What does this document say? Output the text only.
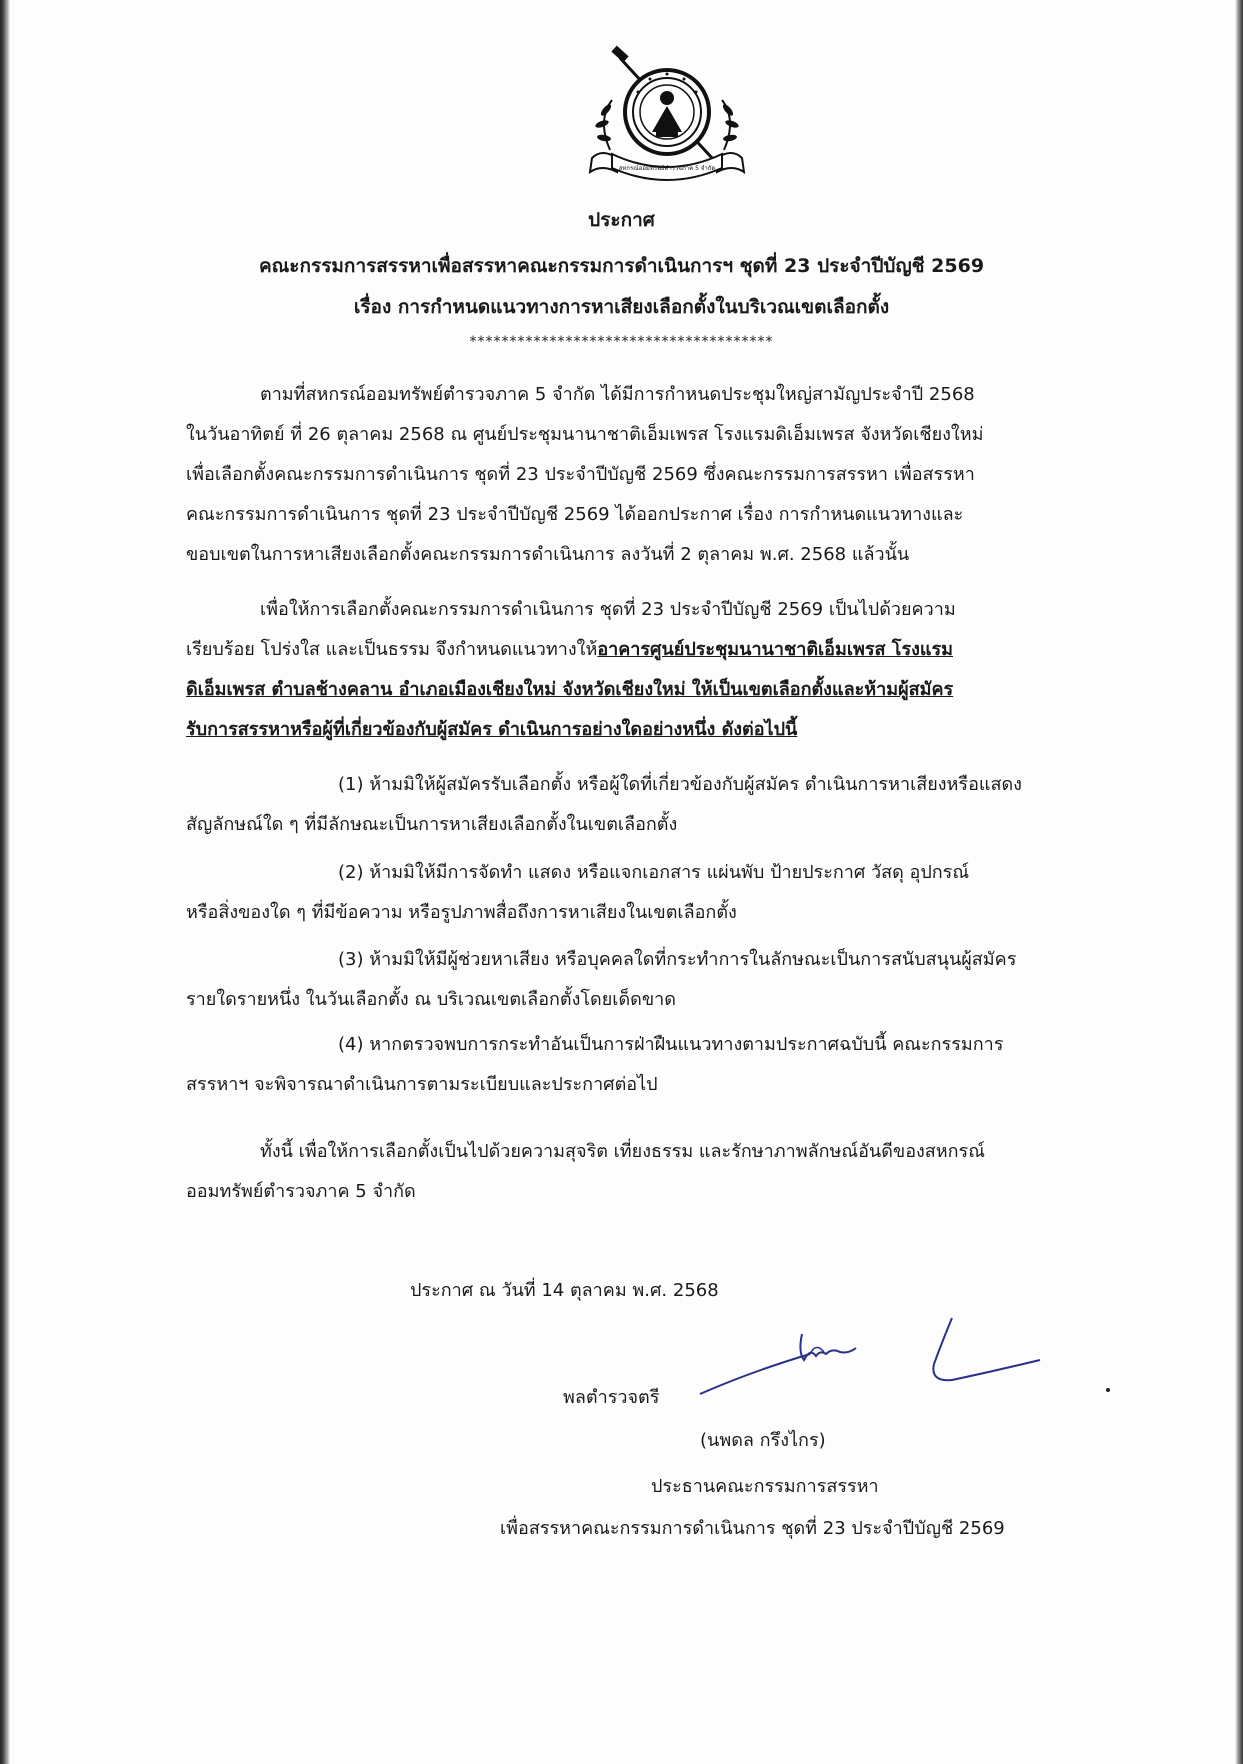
สหกรณ์ออมทรัพย์ตำรวจภาค 5 จำกัด
ประกาศ
คณะกรรมการสรรหาเพื่อสรรหาคณะกรรมการดำเนินการฯ ชุดที่ 23 ประจำปีบัญชี 2569
เรื่อง การกำหนดแนวทางการหาเสียงเลือกตั้งในบริเวณเขตเลือกตั้ง
**************************************
ตามที่สหกรณ์ออมทรัพย์ตำรวจภาค 5 จำกัด ได้มีการกำหนดประชุมใหญ่สามัญประจำปี 2568
ในวันอาทิตย์ ที่ 26 ตุลาคม 2568 ณ ศูนย์ประชุมนานาชาติเอ็มเพรส โรงแรมดิเอ็มเพรส จังหวัดเชียงใหม่
เพื่อเลือกตั้งคณะกรรมการดำเนินการ ชุดที่ 23 ประจำปีบัญชี 2569 ซึ่งคณะกรรมการสรรหา เพื่อสรรหา
คณะกรรมการดำเนินการ ชุดที่ 23 ประจำปีบัญชี 2569 ได้ออกประกาศ เรื่อง การกำหนดแนวทางและ
ขอบเขตในการหาเสียงเลือกตั้งคณะกรรมการดำเนินการ ลงวันที่ 2 ตุลาคม พ.ศ. 2568 แล้วนั้น
เพื่อให้การเลือกตั้งคณะกรรมการดำเนินการ ชุดที่ 23 ประจำปีบัญชี 2569 เป็นไปด้วยความ
เรียบร้อย โปร่งใส และเป็นธรรม จึงกำหนดแนวทางให้อาคารศูนย์ประชุมนานาชาติเอ็มเพรส โรงแรม
ดิเอ็มเพรส ตำบลช้างคลาน อำเภอเมืองเชียงใหม่ จังหวัดเชียงใหม่ ให้เป็นเขตเลือกตั้งและห้ามผู้สมัคร
รับการสรรหาหรือผู้ที่เกี่ยวข้องกับผู้สมัคร ดำเนินการอย่างใดอย่างหนึ่ง ดังต่อไปนี้
(1) ห้ามมิให้ผู้สมัครรับเลือกตั้ง หรือผู้ใดที่เกี่ยวข้องกับผู้สมัคร ดำเนินการหาเสียงหรือแสดง
สัญลักษณ์ใด ๆ ที่มีลักษณะเป็นการหาเสียงเลือกตั้งในเขตเลือกตั้ง
(2) ห้ามมิให้มีการจัดทำ แสดง หรือแจกเอกสาร แผ่นพับ ป้ายประกาศ วัสดุ อุปกรณ์
หรือสิ่งของใด ๆ ที่มีข้อความ หรือรูปภาพสื่อถึงการหาเสียงในเขตเลือกตั้ง
(3) ห้ามมิให้มีผู้ช่วยหาเสียง หรือบุคคลใดที่กระทำการในลักษณะเป็นการสนับสนุนผู้สมัคร
รายใดรายหนึ่ง ในวันเลือกตั้ง ณ บริเวณเขตเลือกตั้งโดยเด็ดขาด
(4) หากตรวจพบการกระทำอันเป็นการฝ่าฝืนแนวทางตามประกาศฉบับนี้ คณะกรรมการ
สรรหาฯ จะพิจารณาดำเนินการตามระเบียบและประกาศต่อไป
ทั้งนี้ เพื่อให้การเลือกตั้งเป็นไปด้วยความสุจริต เที่ยงธรรม และรักษาภาพลักษณ์อันดีของสหกรณ์
ออมทรัพย์ตำรวจภาค 5 จำกัด
ประกาศ ณ วันที่ 14 ตุลาคม พ.ศ. 2568
พลตำรวจตรี
(นพดล กรึงไกร)
ประธานคณะกรรมการสรรหา
เพื่อสรรหาคณะกรรมการดำเนินการ ชุดที่ 23 ประจำปีบัญชี 2569
